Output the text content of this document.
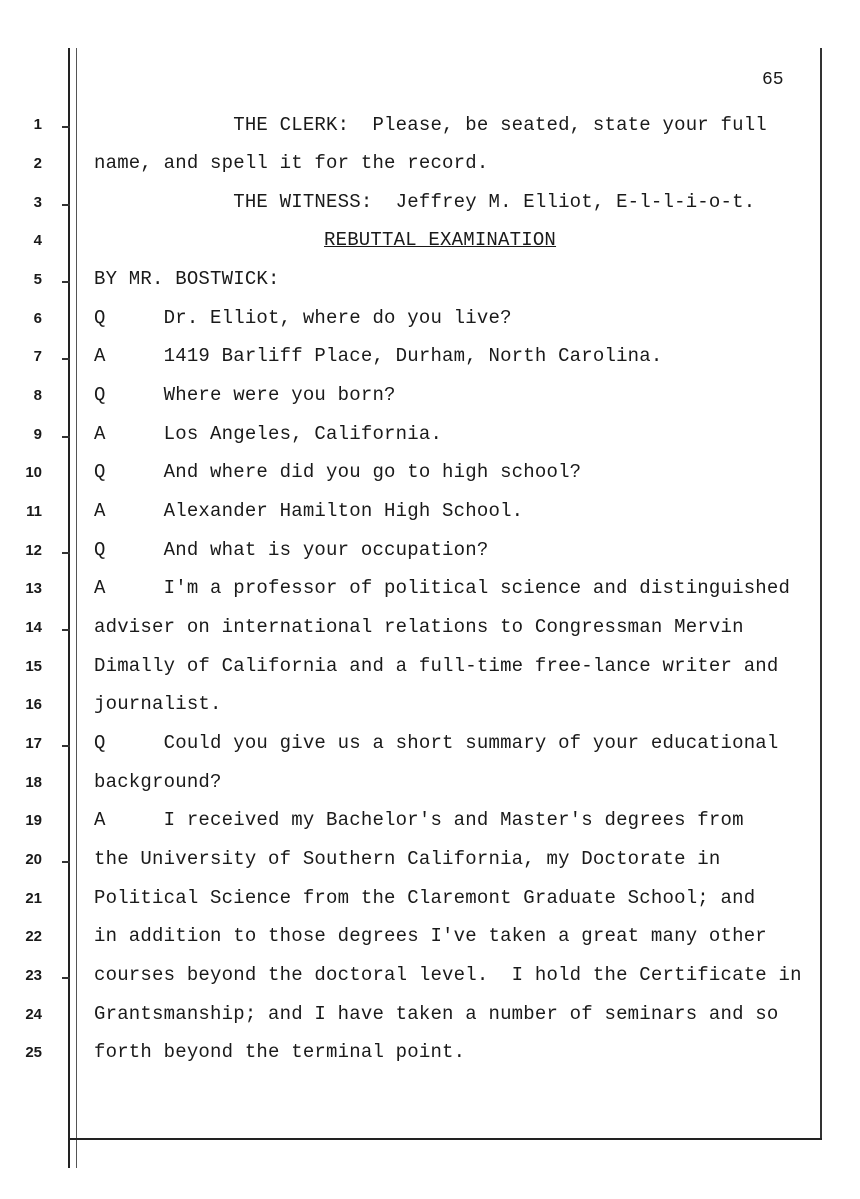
65
1
2
3
4
5
6
7
8
9
10
11
12
13
14
15
16
17
18
19
20
21
22
23
24
25
THE CLERK:  Please, be seated, state your full
name, and spell it for the record.
THE WITNESS:  Jeffrey M. Elliot, E-l-l-i-o-t.
REBUTTAL EXAMINATION
BY MR. BOSTWICK:
Q     Dr. Elliot, where do you live?
A     1419 Barliff Place, Durham, North Carolina.
Q     Where were you born?
A     Los Angeles, California.
Q     And where did you go to high school?
A     Alexander Hamilton High School.
Q     And what is your occupation?
A     I'm a professor of political science and distinguished
adviser on international relations to Congressman Mervin
Dimally of California and a full-time free-lance writer and
journalist.
Q     Could you give us a short summary of your educational
background?
A     I received my Bachelor's and Master's degrees from
the University of Southern California, my Doctorate in
Political Science from the Claremont Graduate School; and
in addition to those degrees I've taken a great many other
courses beyond the doctoral level.  I hold the Certificate in
Grantsmanship; and I have taken a number of seminars and so
forth beyond the terminal point.
